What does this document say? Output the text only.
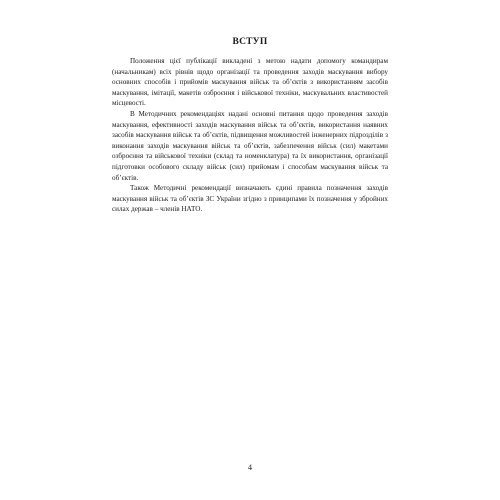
ВСТУП

Положення цієї публікації викладені з метою надати допомогу командирам (начальникам) всіх рівнів щодо організації та проведення заходів маскування вибору основних способів і прийомів маскування військ та об’єктів з використанням засобів маскування, імітації, макетів озброєння і військової техніки, маскувальних властивостей місцевості.

В Методичних рекомендаціях надані основні питання щодо проведення заходів маскування, ефективності заходів маскування військ та об’єктів, використання наявних засобів маскування військ та об’єктів, підвищення можливостей інженерних підрозділів з виконання заходів маскування військ та об’єктів, забезпечення військ (сил) макетами озброєння та військової техніки (склад та номенклатура) та їх використання, організації підготовки особового складу військ (сил) прийомам і способам маскування військ та об’єктів.

Також Методичні рекомендації визначають єдині правила позначення заходів маскування військ та об’єктів ЗС України згідно з принципами їх позначення у збройних силах держав – членів НАТО.

4
